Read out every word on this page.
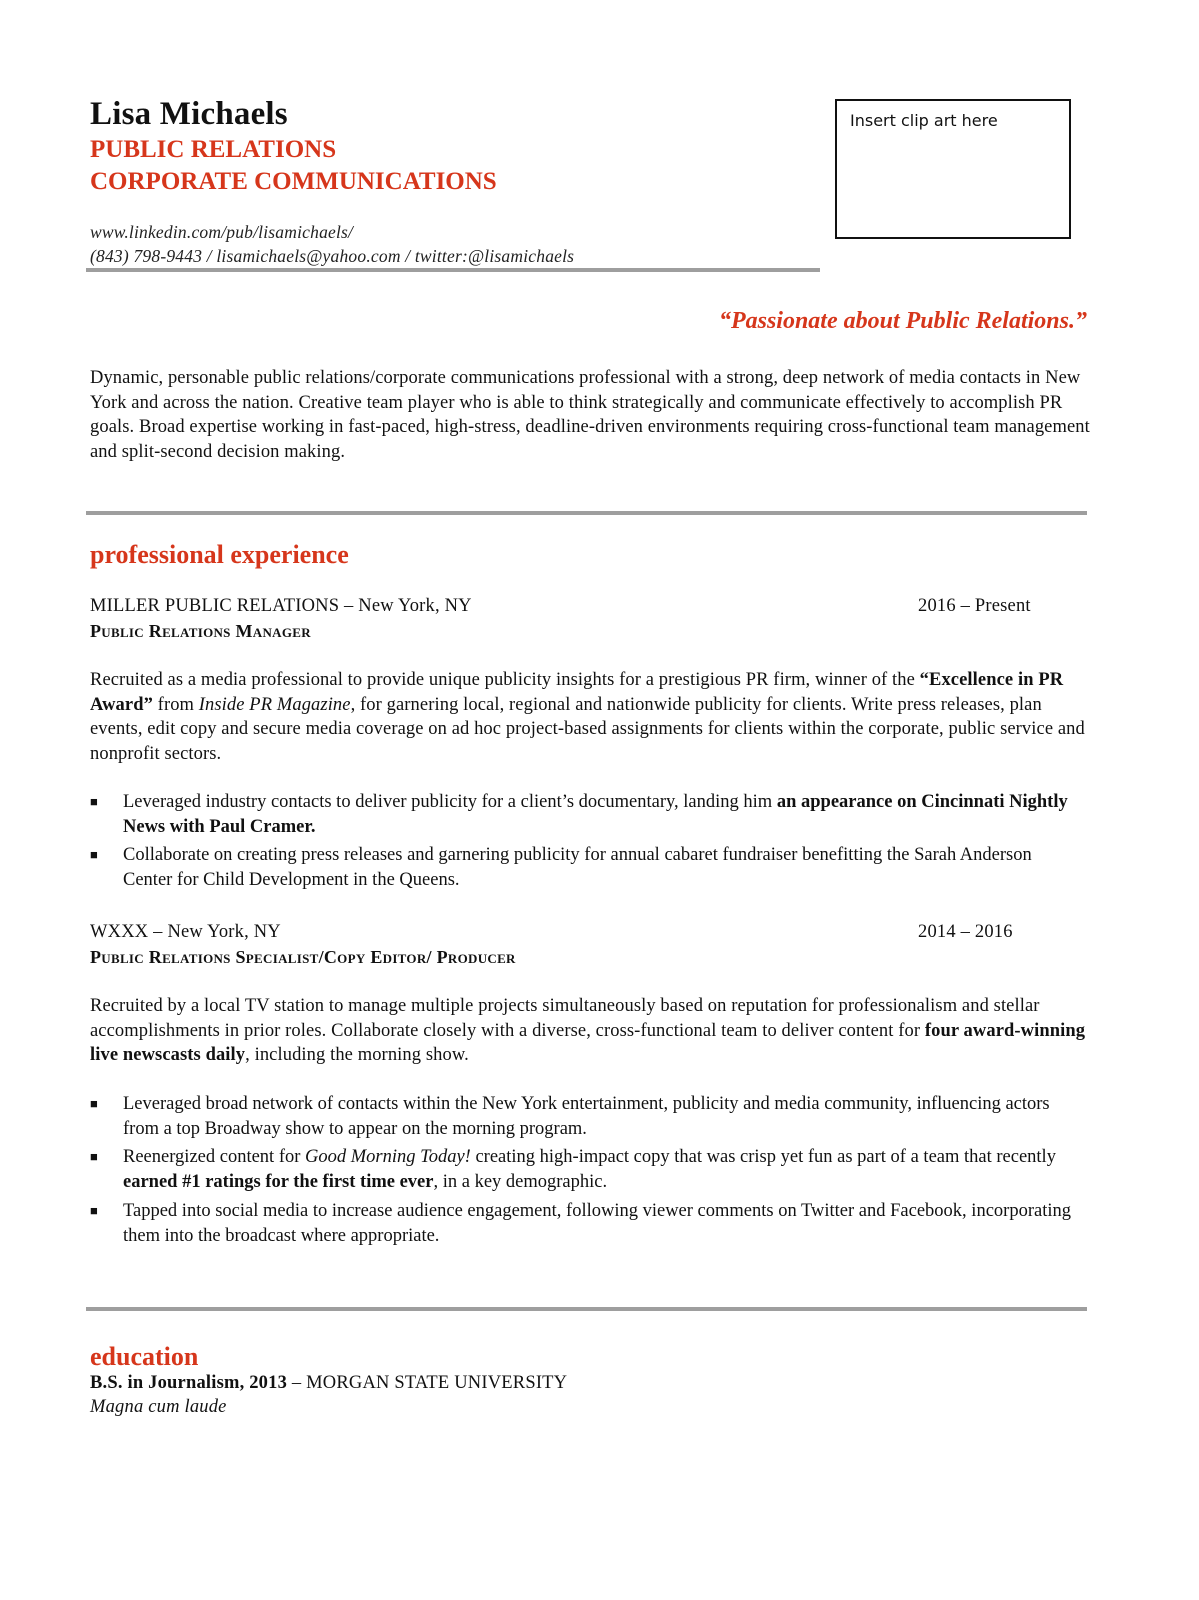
Lisa Michaels
PUBLIC RELATIONS
CORPORATE COMMUNICATIONS
www.linkedin.com/pub/lisamichaels/
(843) 798-9443 / lisamichaels@yahoo.com / twitter:@lisamichaels
Insert clip art here
“Passionate about Public Relations.”
Dynamic, personable public relations/corporate communications professional with a strong, deep network of media contacts in New York and across the nation. Creative team player who is able to think strategically and communicate effectively to accomplish PR goals. Broad expertise working in fast-paced, high-stress, deadline-driven environments requiring cross-functional team management and split-second decision making.
professional experience
MILLER PUBLIC RELATIONS – New York, NY	2016 – Present
Public Relations Manager
Recruited as a media professional to provide unique publicity insights for a prestigious PR firm, winner of the “Excellence in PR Award” from Inside PR Magazine, for garnering local, regional and nationwide publicity for clients. Write press releases, plan events, edit copy and secure media coverage on ad hoc project-based assignments for clients within the corporate, public service and nonprofit sectors.
■ Leveraged industry contacts to deliver publicity for a client’s documentary, landing him an appearance on Cincinnati Nightly News with Paul Cramer.
■ Collaborate on creating press releases and garnering publicity for annual cabaret fundraiser benefitting the Sarah Anderson Center for Child Development in the Queens.
WXXX – New York, NY	2014 – 2016
Public Relations Specialist/Copy Editor/ Producer
Recruited by a local TV station to manage multiple projects simultaneously based on reputation for professionalism and stellar accomplishments in prior roles. Collaborate closely with a diverse, cross-functional team to deliver content for four award-winning live newscasts daily, including the morning show.
■ Leveraged broad network of contacts within the New York entertainment, publicity and media community, influencing actors from a top Broadway show to appear on the morning program.
■ Reenergized content for Good Morning Today! creating high-impact copy that was crisp yet fun as part of a team that recently earned #1 ratings for the first time ever, in a key demographic.
■ Tapped into social media to increase audience engagement, following viewer comments on Twitter and Facebook, incorporating them into the broadcast where appropriate.
education
B.S. in Journalism, 2013 – MORGAN STATE UNIVERSITY
Magna cum laude
